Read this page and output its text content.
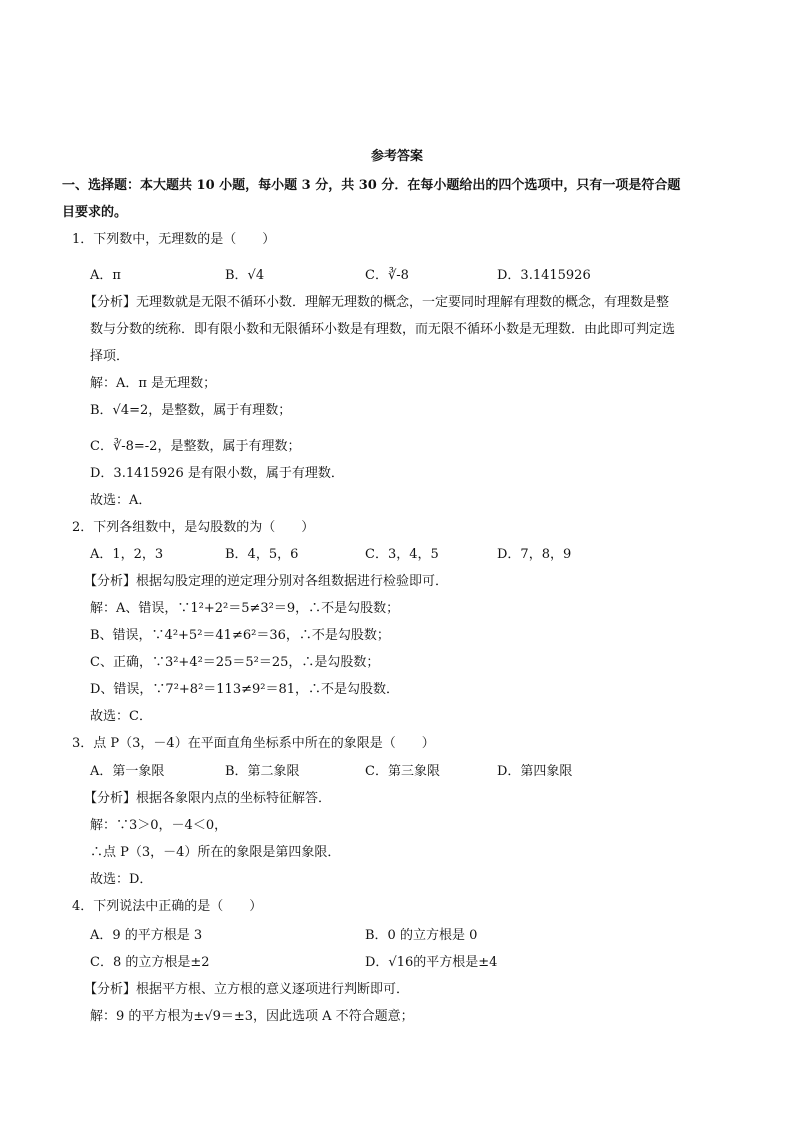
参考答案
一、选择题：本大题共 10 小题，每小题 3 分，共 30 分．在每小题给出的四个选项中，只有一项是符合题
目要求的。
1．下列数中，无理数的是（　　）
A．π	B．√4	C．∛-8	D．3.1415926
【分析】无理数就是无限不循环小数．理解无理数的概念，一定要同时理解有理数的概念，有理数是整
数与分数的统称．即有限小数和无限循环小数是有理数，而无限不循环小数是无理数．由此即可判定选
择项．
解：A．π 是无理数；
B．√4=2，是整数，属于有理数；
C．∛-8=-2，是整数，属于有理数；
D．3.1415926 是有限小数，属于有理数．
故选：A．
2．下列各组数中，是勾股数的为（　　）
A．1，2，3	B．4，5，6	C．3，4，5	D．7，8，9
【分析】根据勾股定理的逆定理分别对各组数据进行检验即可．
解：A、错误，∵1²+2²＝5≠3²＝9，∴不是勾股数；
B、错误，∵4²+5²＝41≠6²＝36，∴不是勾股数；
C、正确，∵3²+4²＝25＝5²＝25，∴是勾股数；
D、错误，∵7²+8²＝113≠9²＝81，∴不是勾股数．
故选：C．
3．点 P（3，－4）在平面直角坐标系中所在的象限是（　　）
A．第一象限	B．第二象限	C．第三象限	D．第四象限
【分析】根据各象限内点的坐标特征解答．
解：∵3＞0，－4＜0，
∴点 P（3，－4）所在的象限是第四象限．
故选：D．
4．下列说法中正确的是（　　）
A．9 的平方根是 3	B．0 的立方根是 0
C．8 的立方根是±2	D．√16的平方根是±4
【分析】根据平方根、立方根的意义逐项进行判断即可．
解：9 的平方根为±√9＝±3，因此选项 A 不符合题意；
